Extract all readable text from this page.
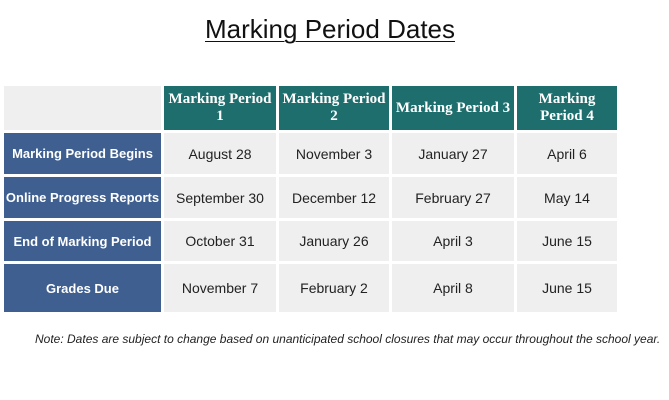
Marking Period Dates
	Marking Period 1	Marking Period 2	Marking Period 3	Marking Period 4
Marking Period Begins	August 28	November 3	January 27	April 6
Online Progress Reports	September 30	December 12	February 27	May 14
End of Marking Period	October 31	January 26	April 3	June 15
Grades Due	November 7	February 2	April 8	June 15
Note: Dates are subject to change based on unanticipated school closures that may occur throughout the school year.
